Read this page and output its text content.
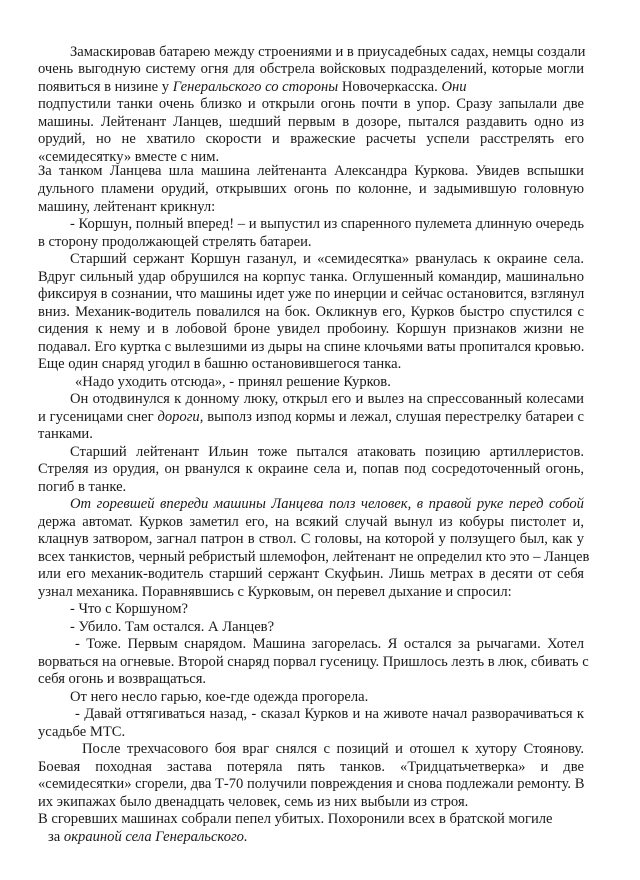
Замаскировав батарею между строениями и в приусадебных садах, немцы создали
очень выгодную систему огня для обстрела войсковых подразделений, которые могли
появиться в низине у Генеральского со стороны Новочеркасска. Они
подпустили танки очень близко и открыли огонь почти в упор. Сразу запылали две
машины. Лейтенант Ланцев, шедший первым в дозоре, пытался раздавить одно из
орудий, но не хватило скорости и вражеские расчеты успели расстрелять его
«семидесятку» вместе с ним.
За танком Ланцева шла машина лейтенанта Александра Куркова. Увидев вспышки
дульного пламени орудий, открывших огонь по колонне, и задымившую головную
машину, лейтенант крикнул:
- Коршун, полный вперед! – и выпустил из спаренного пулемета длинную очередь
в сторону продолжающей стрелять батареи.
Старший сержант Коршун газанул, и «семидесятка» рванулась к окраине села.
Вдруг сильный удар обрушился на корпус танка. Оглушенный командир, машинально
фиксируя в сознании, что машины идет уже по инерции и сейчас остановится, взглянул
вниз. Механик-водитель повалился на бок. Окликнув его, Курков быстро спустился с
сидения к нему и в лобовой броне увидел пробоину. Коршун признаков жизни не
подавал. Его куртка с вылезшими из дыры на спине клочьями ваты пропитался кровью.
Еще один снаряд угодил в башню остановившегося танка.
«Надо уходить отсюда», - принял решение Курков.
Он отодвинулся к донному люку, открыл его и вылез на спрессованный колесами
и гусеницами снег дороги, выполз изпод кормы и лежал, слушая перестрелку батареи с
танками.
Старший лейтенант Ильин тоже пытался атаковать позицию артиллеристов.
Стреляя из орудия, он рванулся к окраине села и, попав под сосредоточенный огонь,
погиб в танке.
От горевшей впереди машины Ланцева полз человек, в правой руке перед собой
держа автомат. Курков заметил его, на всякий случай вынул из кобуры пистолет и,
клацнув затвором, загнал патрон в ствол. С головы, на которой у ползущего был, как у
всех танкистов, черный ребристый шлемофон, лейтенант не определил кто это – Ланцев
или его механик-водитель старший сержант Скуфьин. Лишь метрах в десяти от себя
узнал механика. Поравнявшись с Курковым, он перевел дыхание и спросил:
- Что с Коршуном?
- Убило. Там остался. А Ланцев?
- Тоже. Первым снарядом. Машина загорелась. Я остался за рычагами. Хотел
ворваться на огневые. Второй снаряд порвал гусеницу. Пришлось лезть в люк, сбивать с
себя огонь и возвращаться.
От него несло гарью, кое-где одежда прогорела.
- Давай оттягиваться назад, - сказал Курков и на животе начал разворачиваться к
усадьбе МТС.
После трехчасового боя враг снялся с позиций и отошел к хутору Стоянову.
Боевая походная застава потеряла пять танков. «Тридцатьчетверка» и две
«семидесятки» сгорели, два Т-70 получили повреждения и снова подлежали ремонту. В
их экипажах было двенадцать человек, семь из них выбыли из строя.
В сгоревших машинах собрали пепел убитых. Похоронили всех в братской могиле
за окраиной села Генеральского.
